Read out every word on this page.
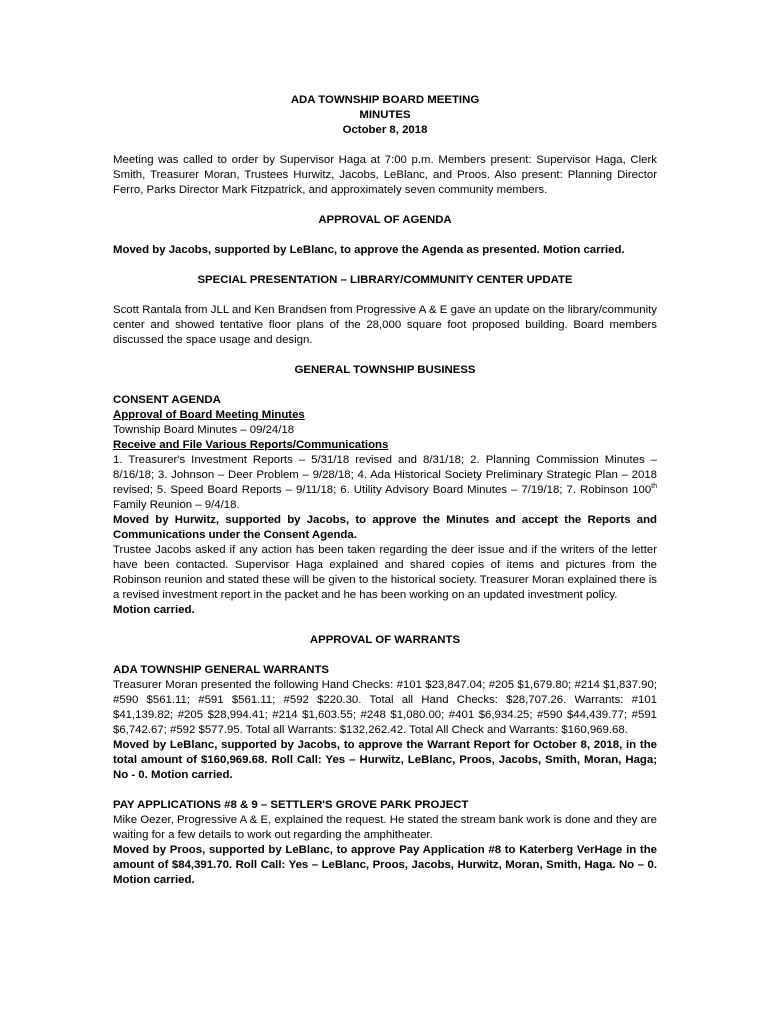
ADA TOWNSHIP BOARD MEETING

MINUTES

October 8, 2018

Meeting was called to order by Supervisor Haga at 7:00 p.m. Members present: Supervisor Haga, Clerk Smith, Treasurer Moran, Trustees Hurwitz, Jacobs, LeBlanc, and Proos. Also present: Planning Director Ferro, Parks Director Mark Fitzpatrick, and approximately seven community members.

APPROVAL OF AGENDA

Moved by Jacobs, supported by LeBlanc, to approve the Agenda as presented. Motion carried.

SPECIAL PRESENTATION – LIBRARY/COMMUNITY CENTER UPDATE

Scott Rantala from JLL and Ken Brandsen from Progressive A & E gave an update on the library/community center and showed tentative floor plans of the 28,000 square foot proposed building. Board members discussed the space usage and design.

GENERAL TOWNSHIP BUSINESS

CONSENT AGENDA

Approval of Board Meeting Minutes

Township Board Minutes – 09/24/18

Receive and File Various Reports/Communications

1. Treasurer's Investment Reports – 5/31/18 revised and 8/31/18; 2. Planning Commission Minutes – 8/16/18; 3. Johnson – Deer Problem – 9/28/18; 4. Ada Historical Society Preliminary Strategic Plan – 2018 revised; 5. Speed Board Reports – 9/11/18; 6. Utility Advisory Board Minutes – 7/19/18; 7. Robinson 100th Family Reunion – 9/4/18.

Moved by Hurwitz, supported by Jacobs, to approve the Minutes and accept the Reports and Communications under the Consent Agenda.

Trustee Jacobs asked if any action has been taken regarding the deer issue and if the writers of the letter have been contacted. Supervisor Haga explained and shared copies of items and pictures from the Robinson reunion and stated these will be given to the historical society. Treasurer Moran explained there is a revised investment report in the packet and he has been working on an updated investment policy.

Motion carried.

APPROVAL OF WARRANTS

ADA TOWNSHIP GENERAL WARRANTS

Treasurer Moran presented the following Hand Checks: #101 $23,847.04; #205 $1,679.80; #214 $1,837.90; #590 $561.11; #591 $561.11; #592 $220.30. Total all Hand Checks: $28,707.26. Warrants: #101 $41,139.82; #205 $28,994.41; #214 $1,603.55; #248 $1,080.00; #401 $6,934.25; #590 $44,439.77; #591 $6,742.67; #592 $577.95. Total all Warrants: $132,262.42. Total All Check and Warrants: $160,969.68.

Moved by LeBlanc, supported by Jacobs, to approve the Warrant Report for October 8, 2018, in the total amount of $160,969.68. Roll Call: Yes – Hurwitz, LeBlanc, Proos, Jacobs, Smith, Moran, Haga; No - 0. Motion carried.

PAY APPLICATIONS #8 & 9 – SETTLER'S GROVE PARK PROJECT

Mike Oezer, Progressive A & E, explained the request. He stated the stream bank work is done and they are waiting for a few details to work out regarding the amphitheater.

Moved by Proos, supported by LeBlanc, to approve Pay Application #8 to Katerberg VerHage in the amount of $84,391.70. Roll Call: Yes – LeBlanc, Proos, Jacobs, Hurwitz, Moran, Smith, Haga. No – 0. Motion carried.
